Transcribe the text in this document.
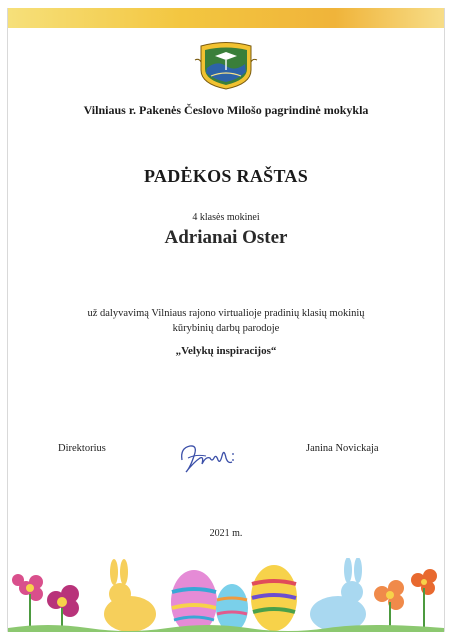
Vilniaus r. Pakenės Česlovo Milošo pagrindinė mokykla
PADĖKOS RAŠTAS
4 klasės mokinei
Adrianai Oster
už dalyvavimą Vilniaus rajono virtualioje pradinių klasių mokinių
kūrybinių darbų parodoje
„Velykų inspiracijos“
Direktorius	Janina Novickaja
2021 m.
